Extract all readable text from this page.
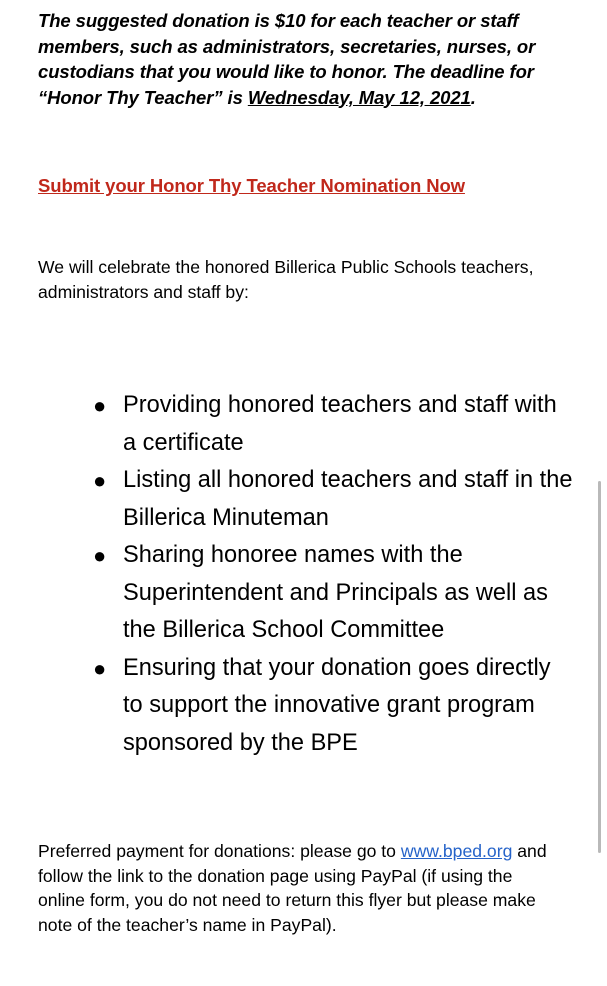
The suggested donation is $10 for each teacher or staff members, such as administrators, secretaries, nurses, or custodians that you would like to honor. The deadline for “Honor Thy Teacher” is Wednesday, May 12, 2021.

Submit your Honor Thy Teacher Nomination Now

We will celebrate the honored Billerica Public Schools teachers, administrators and staff by:

● Providing honored teachers and staff with a certificate
● Listing all honored teachers and staff in the Billerica Minuteman
● Sharing honoree names with the Superintendent and Principals as well as the Billerica School Committee
● Ensuring that your donation goes directly to support the innovative grant program sponsored by the BPE

Preferred payment for donations: please go to www.bped.org and follow the link to the donation page using PayPal (if using the online form, you do not need to return this flyer but please make note of the teacher’s name in PayPal).
